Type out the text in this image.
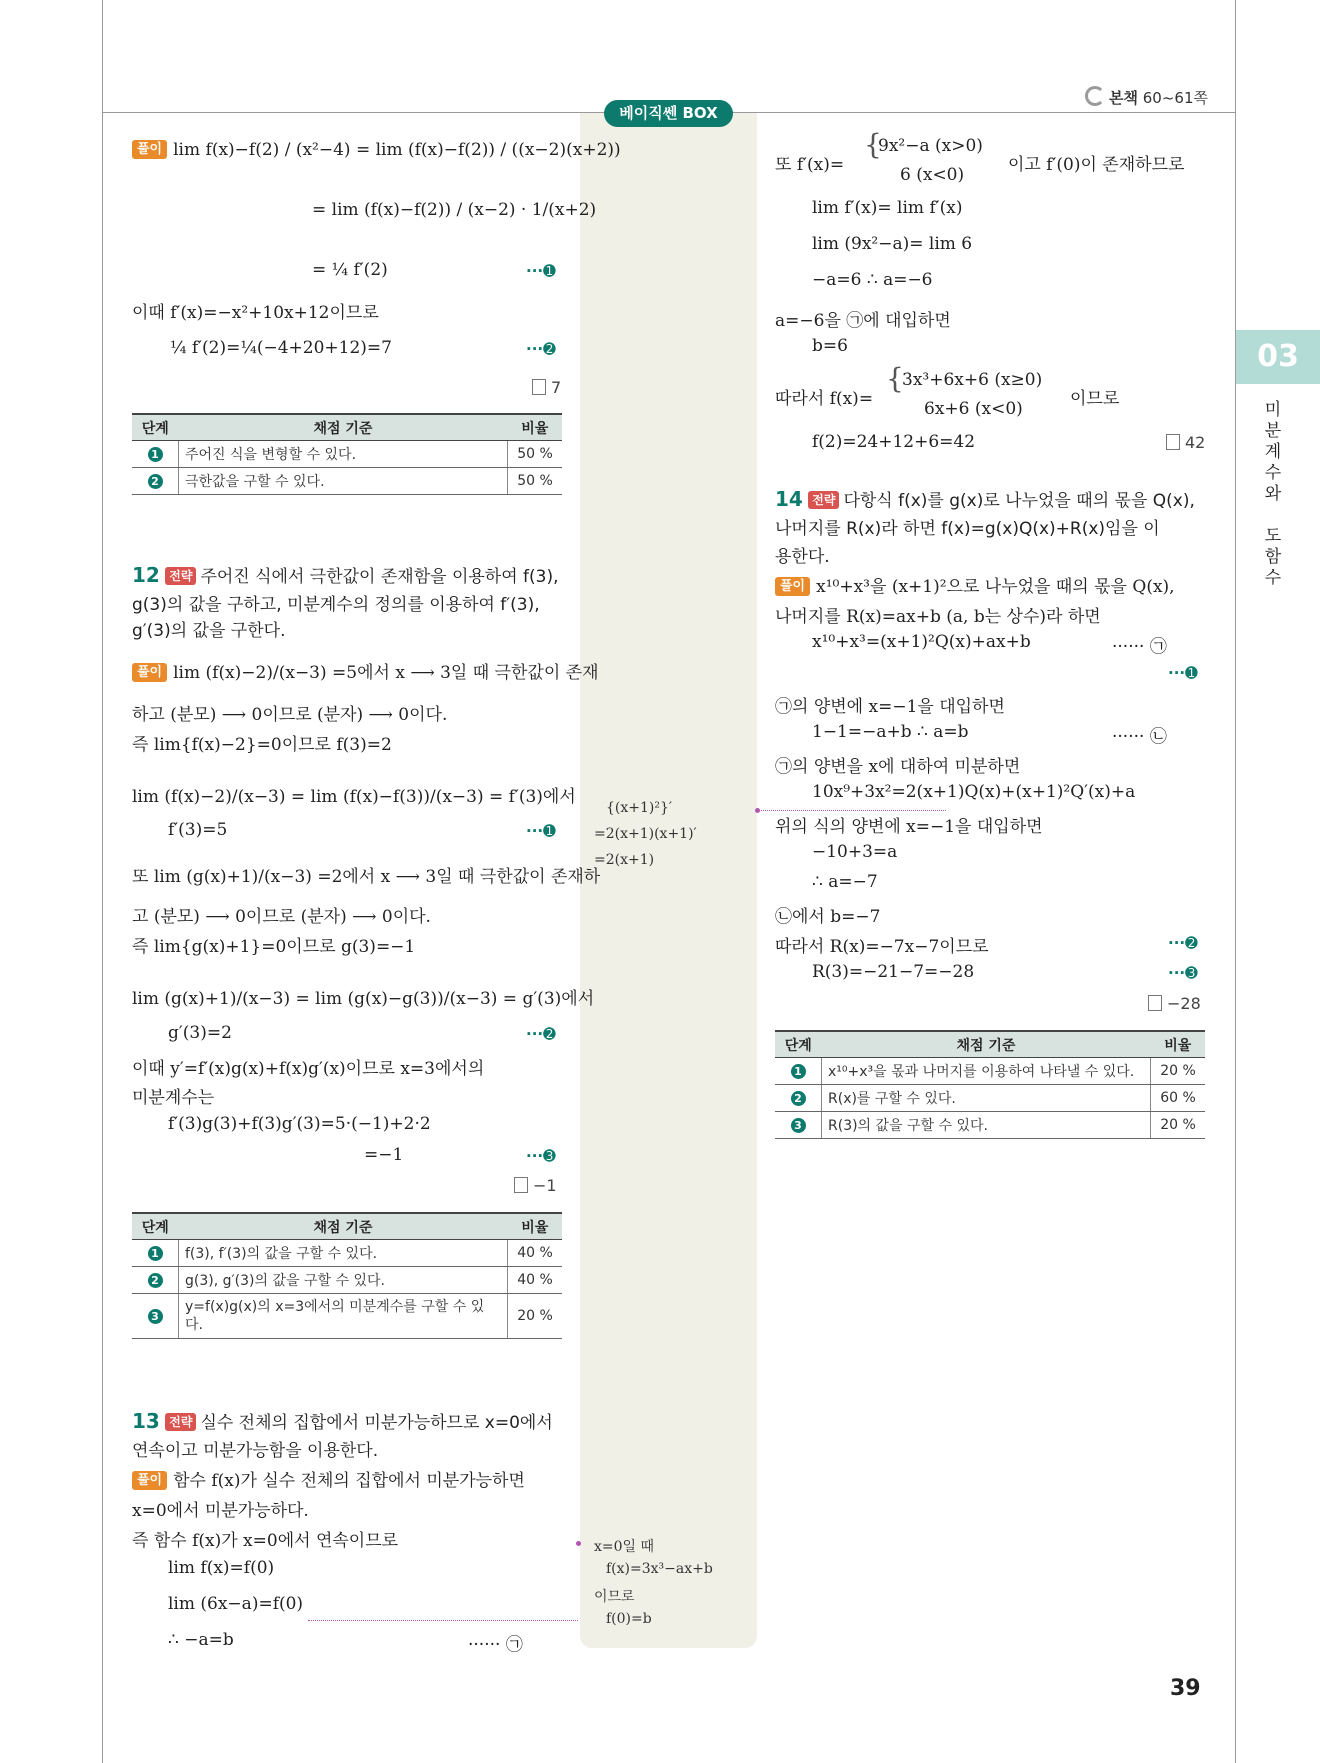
본책 60~61쪽
베이직쎈 BOX
03
미
분
계
수
와

도
함
수
39
풀이 lim f(x)−f(2) / (x²−4) = lim (f(x)−f(2)) / ((x−2)(x+2))
= lim (f(x)−f(2)) / (x−2) · 1/(x+2)
= ¼ f′(2)	···➊
이때 f′(x)=−x²+10x+12이므로
¼ f′(2)=¼(−4+20+12)=7	···➋
7
단계	채점 기준	비율
1	주어진 식을 변형할 수 있다.	50 %
2	극한값을 구할 수 있다.	50 %
12 전략 주어진 식에서 극한값이 존재함을 이용하여 f(3),
g(3)의 값을 구하고, 미분계수의 정의를 이용하여 f′(3),
g′(3)의 값을 구한다.
풀이 lim (f(x)−2)/(x−3) =5에서 x ⟶ 3일 때 극한값이 존재
하고 (분모) ⟶ 0이므로 (분자) ⟶ 0이다.
즉 lim{f(x)−2}=0이므로 f(3)=2
lim (f(x)−2)/(x−3) = lim (f(x)−f(3))/(x−3) = f′(3)에서
f′(3)=5	···➊
또 lim (g(x)+1)/(x−3) =2에서 x ⟶ 3일 때 극한값이 존재하
고 (분모) ⟶ 0이므로 (분자) ⟶ 0이다.
즉 lim{g(x)+1}=0이므로 g(3)=−1
lim (g(x)+1)/(x−3) = lim (g(x)−g(3))/(x−3) = g′(3)에서
g′(3)=2	···➋
이때 y′=f′(x)g(x)+f(x)g′(x)이므로 x=3에서의
미분계수는
f′(3)g(3)+f(3)g′(3)=5·(−1)+2·2
=−1	···➌
−1
단계	채점 기준	비율
1	f(3), f′(3)의 값을 구할 수 있다.	40 %
2	g(3), g′(3)의 값을 구할 수 있다.	40 %
3	y=f(x)g(x)의 x=3에서의 미분계수를 구할 수 있다.	20 %
13 전략 실수 전체의 집합에서 미분가능하므로 x=0에서
연속이고 미분가능함을 이용한다.
풀이 함수 f(x)가 실수 전체의 집합에서 미분가능하면
x=0에서 미분가능하다.
즉 함수 f(x)가 x=0에서 연속이므로
lim f(x)=f(0)
lim (6x−a)=f(0)
∴ −a=b	······ ㉠
{(x+1)²}′
=2(x+1)(x+1)′
=2(x+1)
x=0일 때
f(x)=3x³−ax+b
이므로
f(0)=b
또 f′(x)=
{
9x²−a (x>0)
6 (x<0)	이고 f′(0)이 존재하므로
lim f′(x)= lim f′(x)
lim (9x²−a)= lim 6
−a=6 ∴ a=−6
a=−6을 ㉠에 대입하면
b=6
따라서 f(x)=
{
3x³+6x+6 (x≥0)
6x+6 (x<0)	이므로
f(2)=24+12+6=42	42
14 전략 다항식 f(x)를 g(x)로 나누었을 때의 몫을 Q(x),
나머지를 R(x)라 하면 f(x)=g(x)Q(x)+R(x)임을 이
용한다.
풀이 x¹⁰+x³을 (x+1)²으로 나누었을 때의 몫을 Q(x),
나머지를 R(x)=ax+b (a, b는 상수)라 하면
x¹⁰+x³=(x+1)²Q(x)+ax+b	······ ㉠
···➊
㉠의 양변에 x=−1을 대입하면
1−1=−a+b ∴ a=b	······ ㉡
㉠의 양변을 x에 대하여 미분하면
10x⁹+3x²=2(x+1)Q(x)+(x+1)²Q′(x)+a
위의 식의 양변에 x=−1을 대입하면
−10+3=a
∴ a=−7
㉡에서 b=−7
따라서 R(x)=−7x−7이므로	···➋
R(3)=−21−7=−28	···➌
−28
단계	채점 기준	비율
1	x¹⁰+x³을 몫과 나머지를 이용하여 나타낼 수 있다.	20 %
2	R(x)를 구할 수 있다.	60 %
3	R(3)의 값을 구할 수 있다.	20 %
